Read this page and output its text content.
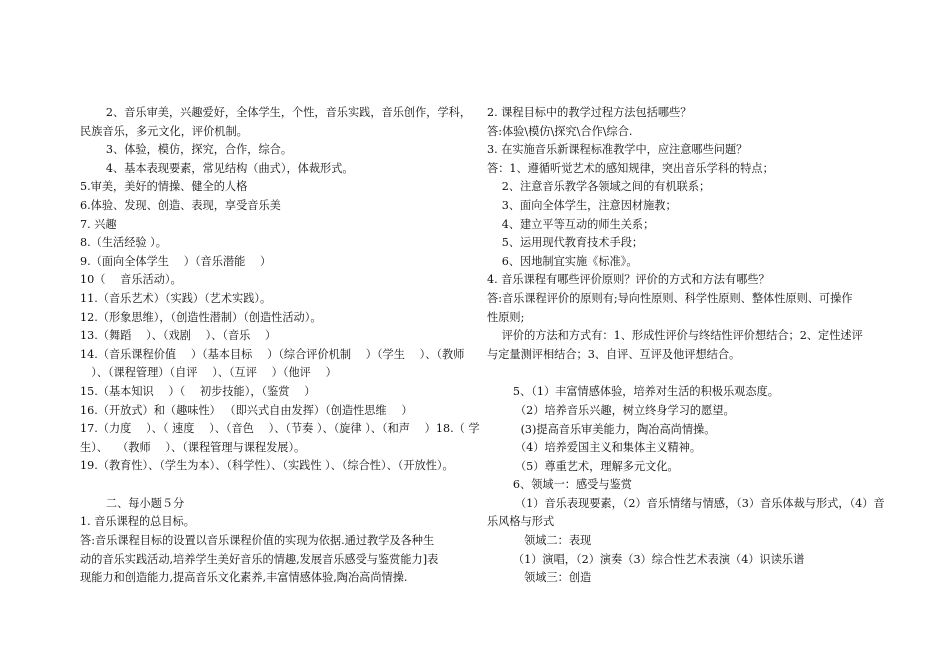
　　 2、音乐审美，兴趣爱好，全体学生，个性，音乐实践，音乐创作，学科，
民族音乐，多元文化，评价机制。
　　 3、体验，模仿，探究，合作，综合。
　　 4、基本表现要素，常见结构（曲式），体裁形式。
5.审美，美好的情操、健全的人格
6.体验、发现、创造、表现，享受音乐美
7. 兴趣
8.（生活经验 ）。
9.（面向全体学生 　）（音乐潜能 　）
10（ 　音乐活动）。
11.（音乐艺术）（实践）（艺术实践）。
12.（形象思维），（创造性潜制）（创造性活动）。
13.（舞蹈 　）、（戏剧 　）、（音乐 　）
14.（音乐课程价值 　）（基本目标 　）（综合评价机制 　）（学生 　）、（教师
　）、（课程管理）（自评 　）、（互评 　）（他评 　）
15.（基本知识 　）（ 　初步技能），（鉴赏 　）
16.（开放式）和（趣味性） （即兴式自由发挥）（创造性思维 　）
17.（力度 　）、（ 速度 　）、（音色 　）、（节奏 ）、（旋律 ）、（和声 　）18.（ 学
生）、 　（教师 　）、（课程管理与课程发展）。
19.（教育性）、（学生为本）、（科学性）、（实践性 ）、（综合性）、（开放性）。
　　 二、每小题５分
1. 音乐课程的总目标。
答:音乐课程目标的设置以音乐课程价值的实现为依据.通过教学及各种生
动的音乐实践活动,培养学生美好音乐的情趣,发展音乐感受与鉴赏能力]表
现能力和创造能力,提高音乐文化素养,丰富情感体验,陶冶高尚情操.
2. 课程目标中的教学过程方法包括哪些？
答:体验\模仿\探究\合作\综合.
3. 在实施音乐新课程标准教学中，应注意哪些问题？
答：1、遵循听觉艺术的感知规律，突出音乐学科的特点；
　 2、注意音乐教学各领域之间的有机联系；
　 3、面向全体学生，注意因材施教；
　 4、建立平等互动的师生关系；
　 5、运用现代教育技术手段；
　 6、因地制宜实施《标准》。
4. 音乐课程有哪些评价原则？评价的方式和方法有哪些？
答:音乐课程评价的原则有;导向性原则、科学性原则、整体性原则、可操作
性原则;
　 评价的方法和方式有：1、形成性评价与终结性评价想结合；2、定性述评
与定量测评相结合；3、自评、互评及他评想结合。
　　 5、（1）丰富情感体验，培养对生活的积极乐观态度。
　　　（2）培养音乐兴趣，树立终身学习的愿望。
　　　(3)提高音乐审美能力，陶冶高尚情操。
　　　（4）培养爱国主义和集体主义精神。
　　　（5）尊重艺术，理解多元文化。
　　 6、领域一：感受与鉴赏
　　　（1）音乐表现要素，（2）音乐情绪与情感，（3）音乐体裁与形式，（4）音
乐风格与形式
　　　 领域二：表现
　　 （1）演唱，（2）演奏（3）综合性艺术表演（4）识读乐谱
　　　 领域三：创造
